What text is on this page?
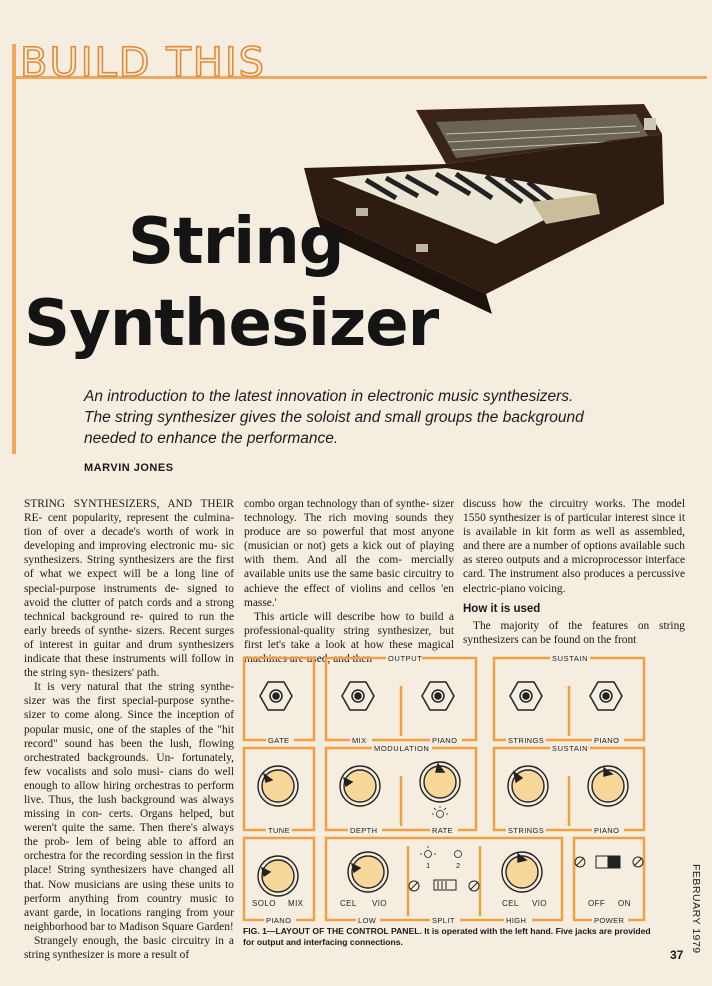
BUILD THIS
String
Synthesizer
An introduction to the latest innovation in electronic music synthesizers. The string synthesizer gives the soloist and small groups the background needed to enhance the performance.
MARVIN JONES

STRING SYNTHESIZERS, AND THEIR RE- cent popularity, represent the culmina- tion of over a decade's worth of work in developing and improving electronic mu- sic synthesizers. String synthesizers are the first of what we expect will be a long line of special-purpose instruments de- signed to avoid the clutter of patch cords and a strong technical background re- quired to run the early breeds of synthe- sizers. Recent surges of interest in guitar and drum synthesizers indicate that these instruments will follow in the string syn- thesizers' path.

It is very natural that the string synthe- sizer was the first special-purpose synthe- sizer to come along. Since the inception of popular music, one of the staples of the "hit record" sound has been the lush, flowing orchestrated backgrounds. Un- fortunately, few vocalists and solo musi- cians do well enough to allow hiring orchestras to perform live. Thus, the lush background was always missing in con- certs. Organs helped, but weren't quite the same. Then there's always the prob- lem of being able to afford an orchestra for the recording session in the first place! String synthesizers have changed all that. Now musicians are using these units to perform anything from country music to avant garde, in locations ranging from your neighborhood bar to Madison Square Garden!

Strangely enough, the basic circuitry in a string synthesizer is more a result of

combo organ technology than of synthe- sizer technology. The rich moving sounds they produce are so powerful that most anyone (musician or not) gets a kick out of playing with them. And all the com- mercially available units use the same basic circuitry to achieve the effect of violins and cellos 'en masse.'

This article will describe how to build a professional-quality string synthesizer, but first let's take a look at how these magical machines are used, and then

discuss how the circuitry works. The model 1550 synthesizer is of particular interest since it is available in kit form as well as assembled, and there are a number of options available such as stereo outputs and a microprocessor interface card. The instrument also produces a percussive electric-piano voicing.

How it is used

The majority of the features on string synthesizers can be found on the front

OUTPUT	SUSTAIN
MODULATION	SUSTAIN
GATE	MIX	PIANO	STRINGS	PIANO
TUNE	DEPTH	RATE	STRINGS	PIANO
PIANO	LOW	SPLIT	HIGH	POWER
1	2
SOLO MIX	CEL VIO	CEL VIO	OFF ON
FIG. 1—LAYOUT OF THE CONTROL PANEL. It is operated with the left hand. Five jacks are provided for output and interfacing connections.	FEBRUARY 1979
37
